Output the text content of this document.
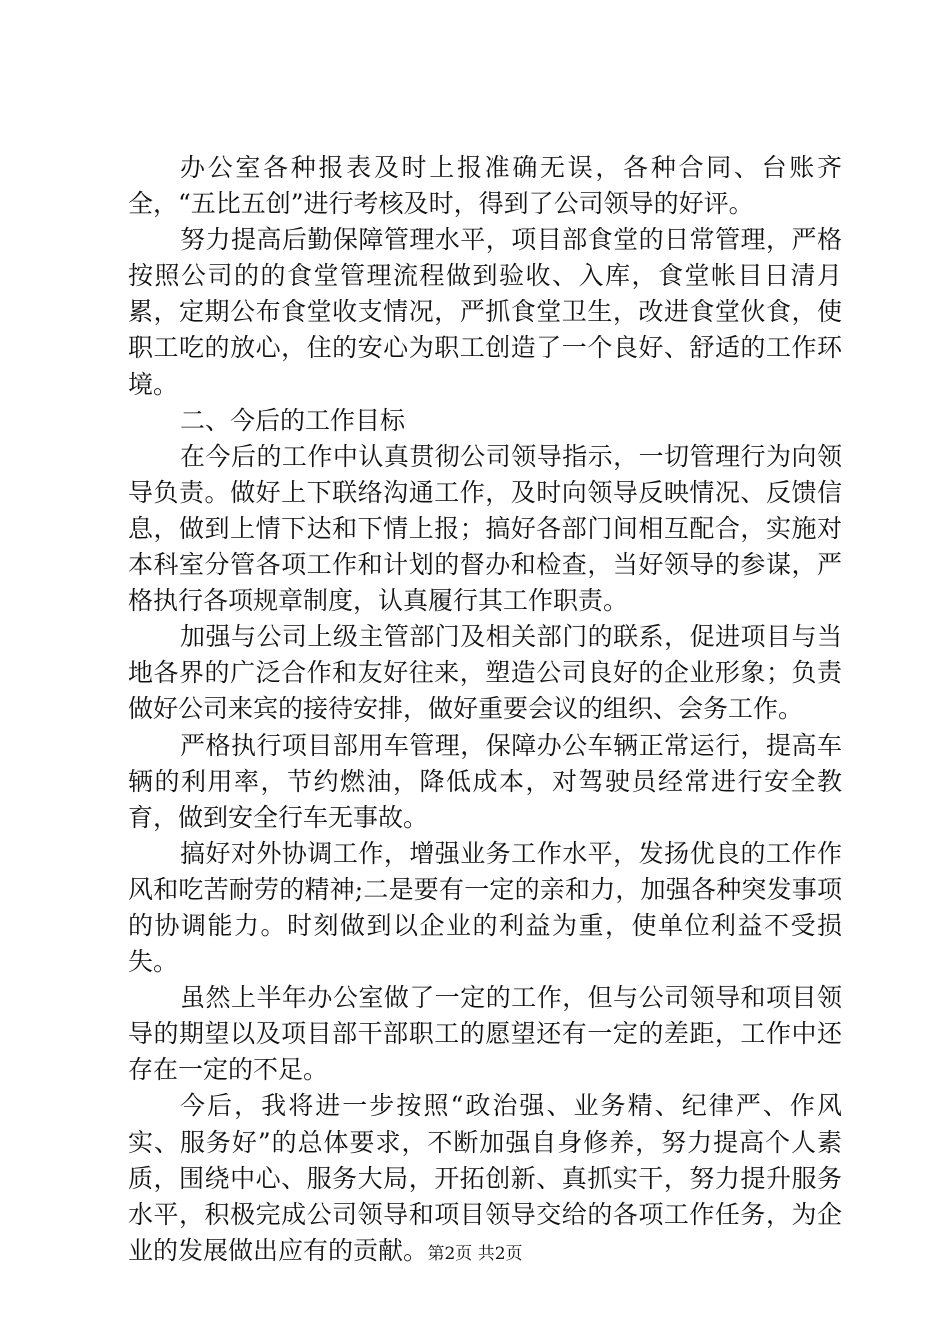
办公室各种报表及时上报准确无误，各种合同、台账齐全，“五比五创”进行考核及时，得到了公司领导的好评。

努力提高后勤保障管理水平，项目部食堂的日常管理，严格按照公司的的食堂管理流程做到验收、入库，食堂帐目日清月累，定期公布食堂收支情况，严抓食堂卫生，改进食堂伙食，使职工吃的放心，住的安心为职工创造了一个良好、舒适的工作环境。

二、今后的工作目标

在今后的工作中认真贯彻公司领导指示，一切管理行为向领导负责。做好上下联络沟通工作，及时向领导反映情况、反馈信息，做到上情下达和下情上报；搞好各部门间相互配合，实施对本科室分管各项工作和计划的督办和检查，当好领导的参谋，严格执行各项规章制度，认真履行其工作职责。

加强与公司上级主管部门及相关部门的联系，促进项目与当地各界的广泛合作和友好往来，塑造公司良好的企业形象；负责做好公司来宾的接待安排，做好重要会议的组织、会务工作。

严格执行项目部用车管理，保障办公车辆正常运行，提高车辆的利用率，节约燃油，降低成本，对驾驶员经常进行安全教育，做到安全行车无事故。

搞好对外协调工作，增强业务工作水平，发扬优良的工作作风和吃苦耐劳的精神;二是要有一定的亲和力，加强各种突发事项的协调能力。时刻做到以企业的利益为重，使单位利益不受损失。

虽然上半年办公室做了一定的工作，但与公司领导和项目领导的期望以及项目部干部职工的愿望还有一定的差距，工作中还存在一定的不足。

今后，我将进一步按照“政治强、业务精、纪律严、作风实、服务好”的总体要求，不断加强自身修养，努力提高个人素质，围绕中心、服务大局，开拓创新、真抓实干，努力提升服务水平，积极完成公司领导和项目领导交给的各项工作任务，为企业的发展做出应有的贡献。 第2页 共2页
